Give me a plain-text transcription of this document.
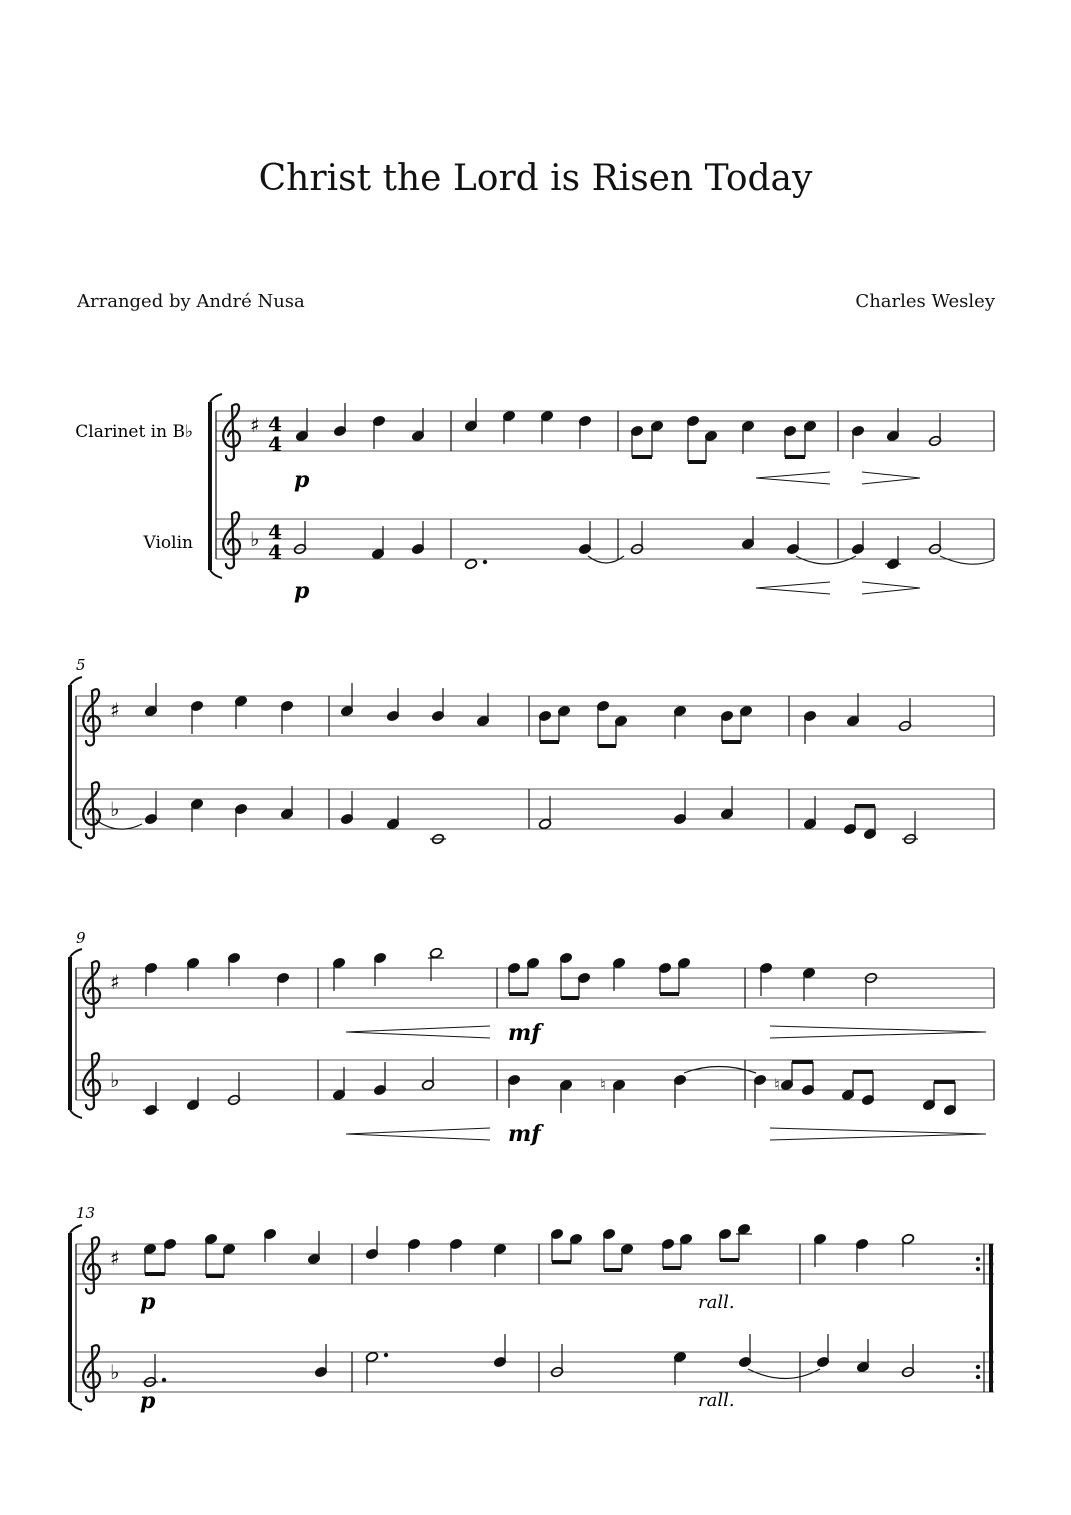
Christ the Lord is Risen Today
Arranged by André Nusa	Charles Wesley
Clarinet in B♭
Violin
♯
♭
4
4
4
4
p
p
5
♯
♭
9
♯
♭
mf
♮	♮
mf
13
♯
♭
p	rall.
p	rall.
